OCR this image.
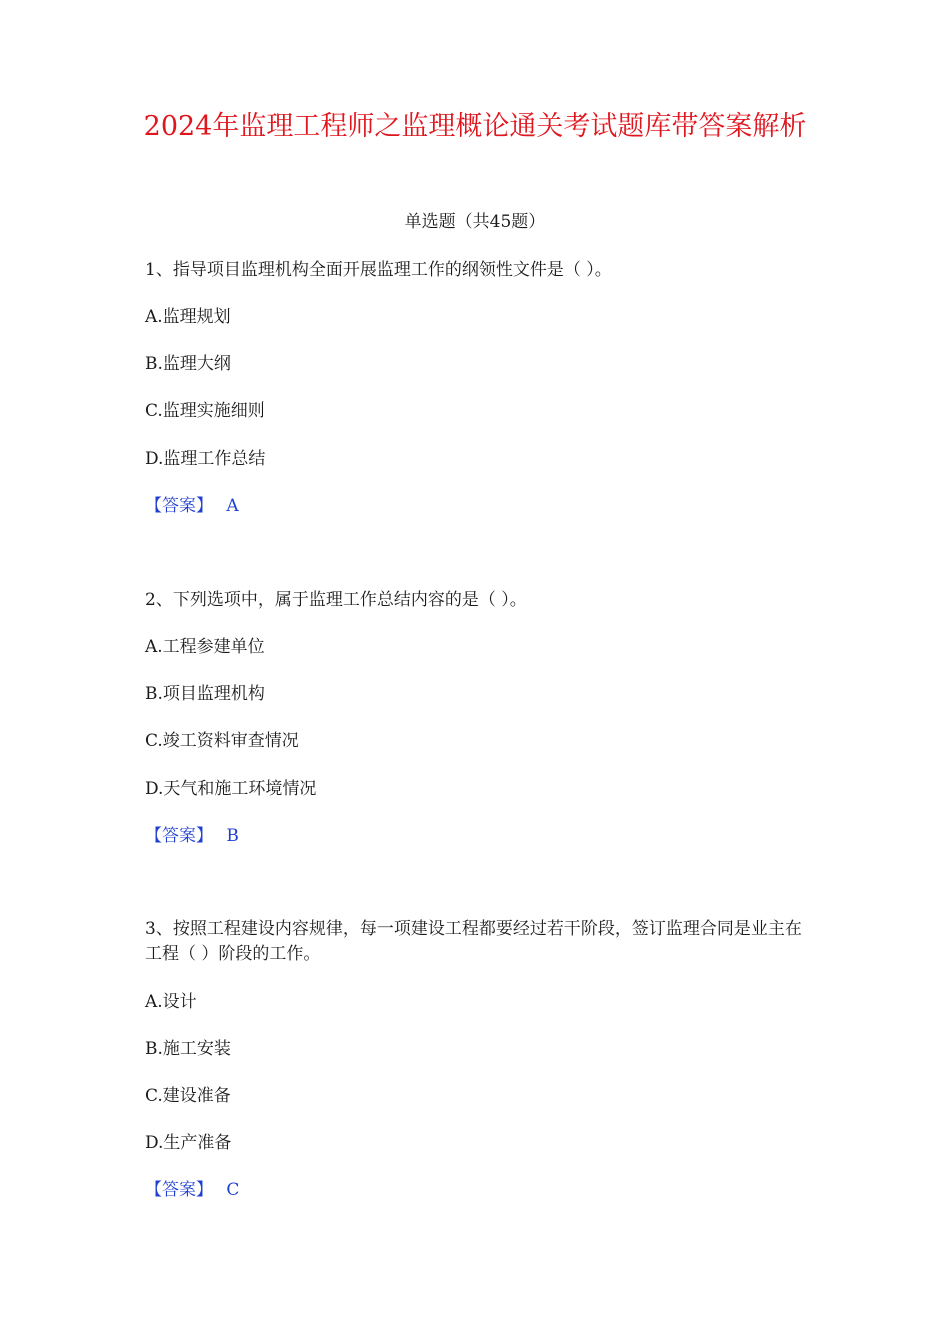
2024年监理工程师之监理概论通关考试题库带答案解析
单选题（共45题）
1、指导项目监理机构全面开展监理工作的纲领性文件是（ ）。
A.监理规划
B.监理大纲
C.监理实施细则
D.监理工作总结
【答案】 A
2、下列选项中，属于监理工作总结内容的是（ ）。
A.工程参建单位
B.项目监理机构
C.竣工资料审查情况
D.天气和施工环境情况
【答案】 B
3、按照工程建设内容规律，每一项建设工程都要经过若干阶段，签订监理合同是业主在工程（ ）阶段的工作。
A.设计
B.施工安装
C.建设准备
D.生产准备
【答案】 C
